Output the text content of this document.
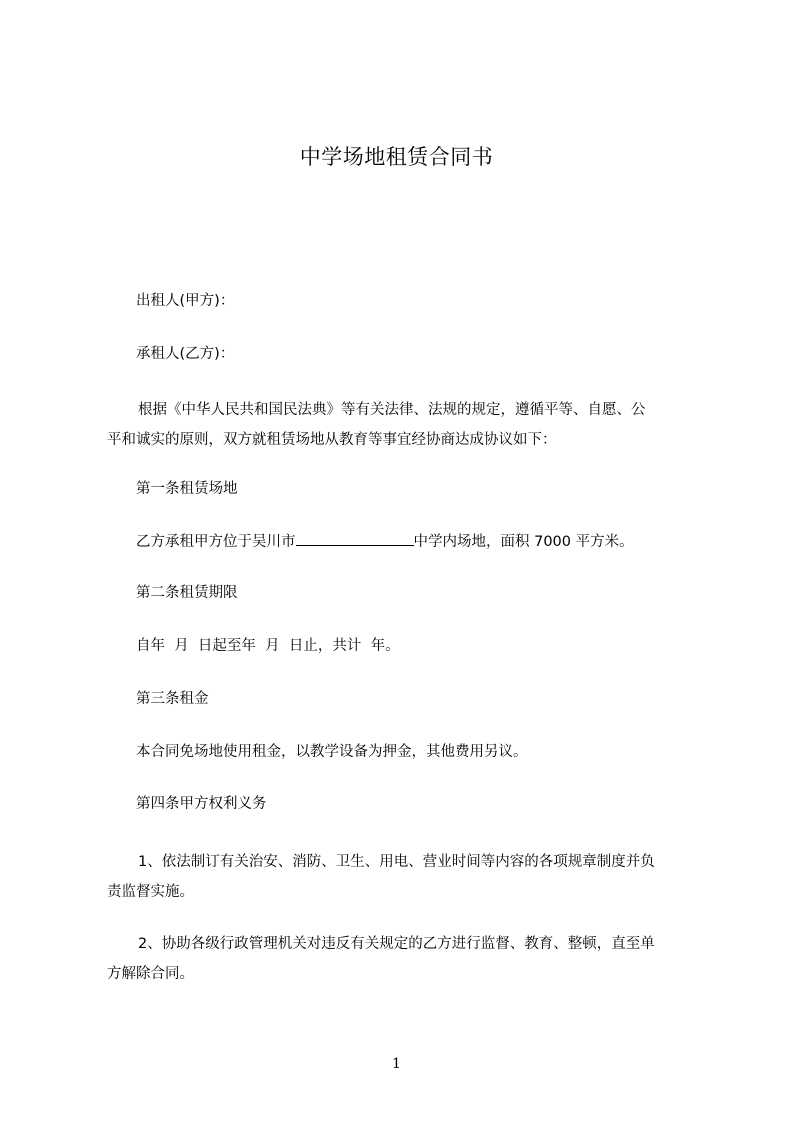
中学场地租赁合同书
出租人(甲方)：
承租人(乙方)：
根据《中华人民共和国民法典》等有关法律、法规的规定，遵循平等、自愿、公
平和诚实的原则，双方就租赁场地从教育等事宜经协商达成协议如下：
第一条租赁场地
乙方承租甲方位于吴川市	中学内场地，面积 7000 平方米。
第二条租赁期限
自年  月  日起至年  月  日止，共计  年。
第三条租金
本合同免场地使用租金，以教学设备为押金，其他费用另议。
第四条甲方权利义务
1、依法制订有关治安、消防、卫生、用电、营业时间等内容的各项规章制度并负
责监督实施。
2、协助各级行政管理机关对违反有关规定的乙方进行监督、教育、整顿，直至单
方解除合同。
1
